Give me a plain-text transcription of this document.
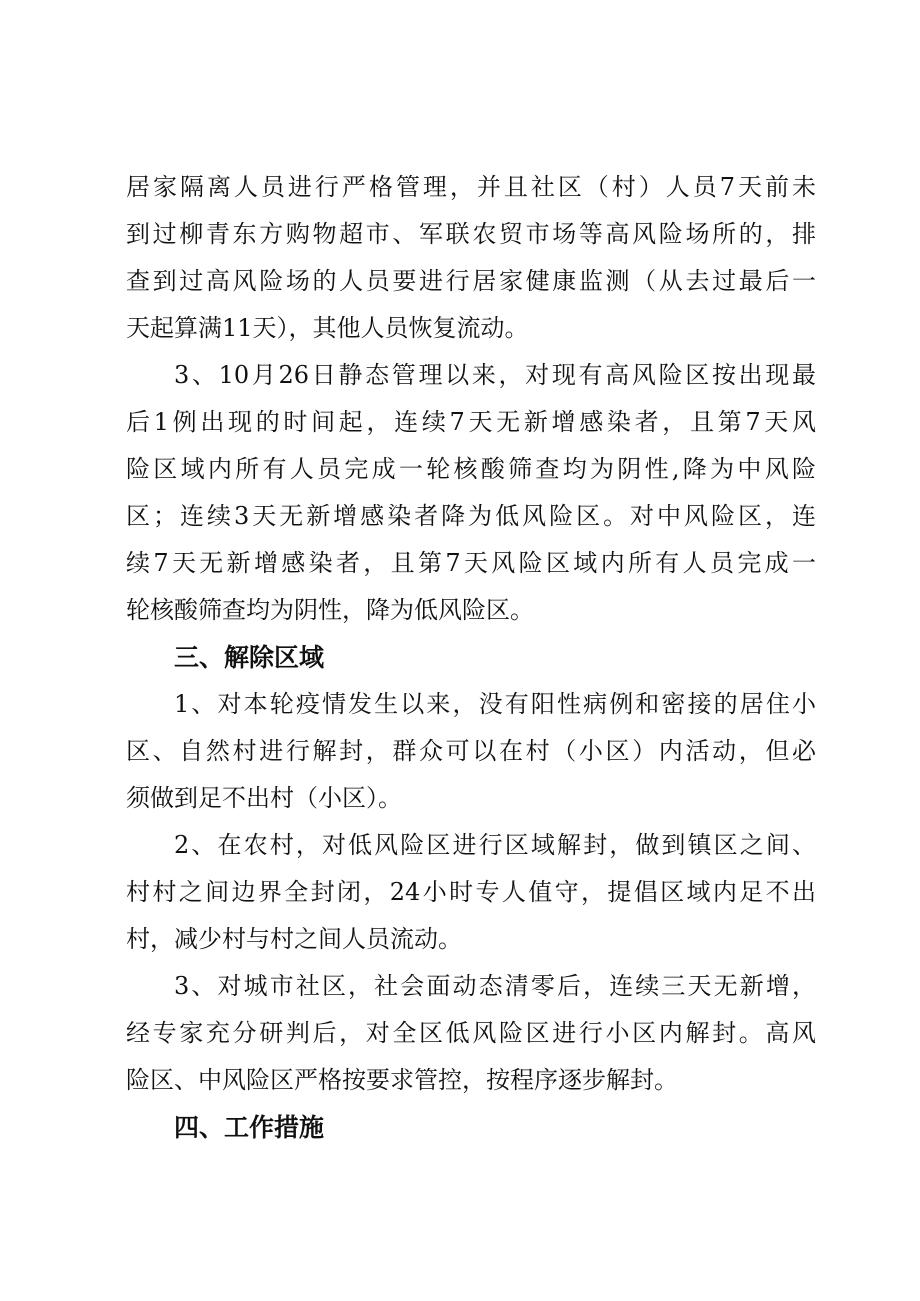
居家隔离人员进行严格管理，并且社区（村）人员7天前未
到过柳青东方购物超市、军联农贸市场等高风险场所的，排
查到过高风险场的人员要进行居家健康监测（从去过最后一
天起算满11天），其他人员恢复流动。
3、10月26日静态管理以来，对现有高风险区按出现最
后1例出现的时间起，连续7天无新增感染者，且第7天风
险区域内所有人员完成一轮核酸筛查均为阴性,降为中风险
区；连续3天无新增感染者降为低风险区。对中风险区，连
续7天无新增感染者，且第7天风险区域内所有人员完成一
轮核酸筛查均为阴性，降为低风险区。
三、解除区域
1、对本轮疫情发生以来，没有阳性病例和密接的居住小
区、自然村进行解封，群众可以在村（小区）内活动，但必
须做到足不出村（小区）。
2、在农村，对低风险区进行区域解封，做到镇区之间、
村村之间边界全封闭，24小时专人值守，提倡区域内足不出
村，减少村与村之间人员流动。
3、对城市社区，社会面动态清零后，连续三天无新增，
经专家充分研判后，对全区低风险区进行小区内解封。高风
险区、中风险区严格按要求管控，按程序逐步解封。
四、工作措施
